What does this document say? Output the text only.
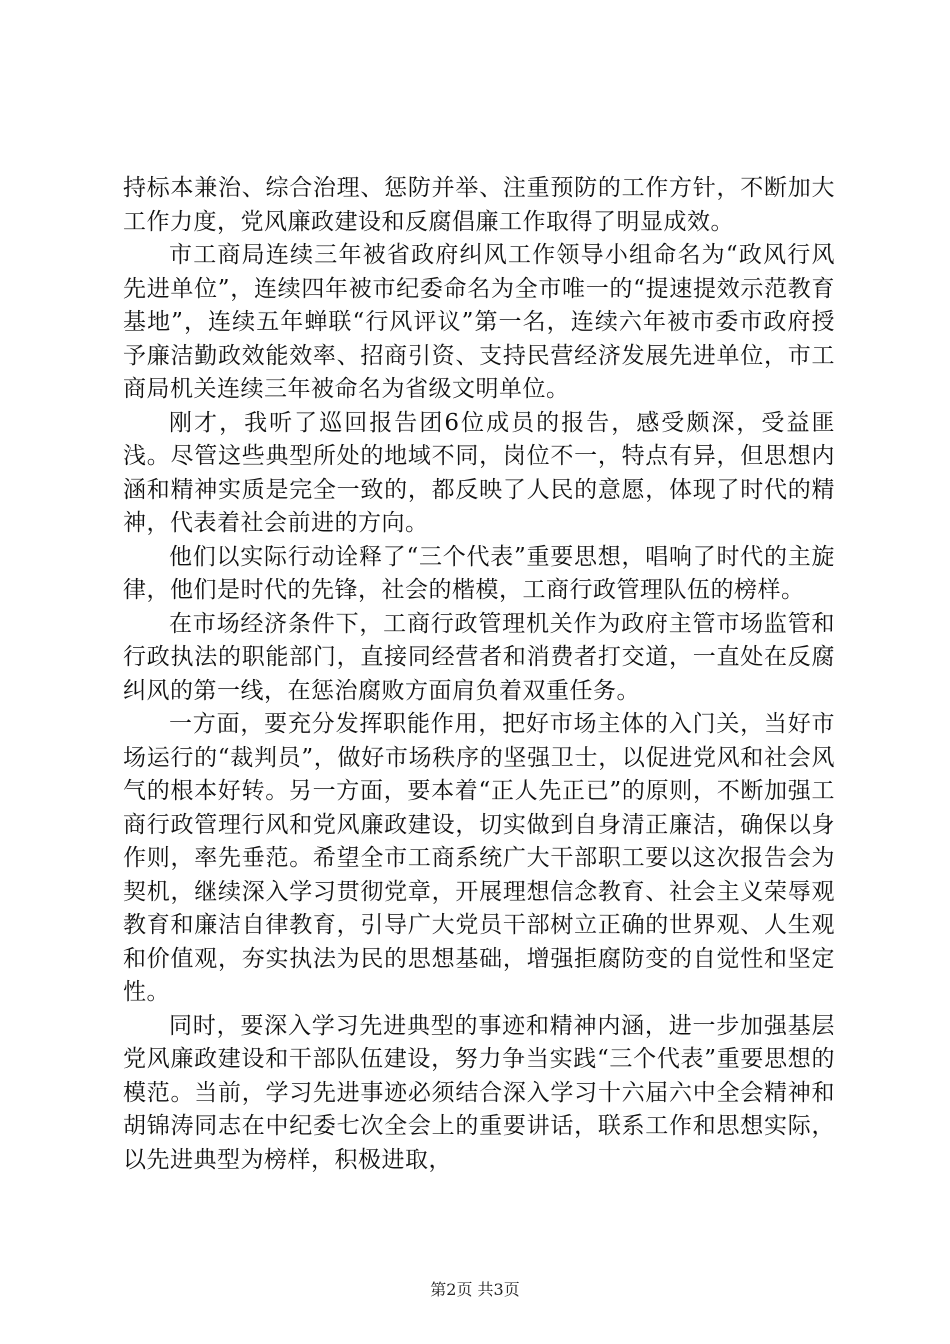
持标本兼治、综合治理、惩防并举、注重预防的工作方针，不断加大工作力度，党风廉政建设和反腐倡廉工作取得了明显成效。

市工商局连续三年被省政府纠风工作领导小组命名为“政风行风先进单位”，连续四年被市纪委命名为全市唯一的“提速提效示范教育基地”，连续五年蝉联“行风评议”第一名，连续六年被市委市政府授予廉洁勤政效能效率、招商引资、支持民营经济发展先进单位，市工商局机关连续三年被命名为省级文明单位。

刚才，我听了巡回报告团6位成员的报告，感受颇深，受益匪浅。尽管这些典型所处的地域不同，岗位不一，特点有异，但思想内涵和精神实质是完全一致的，都反映了人民的意愿，体现了时代的精神，代表着社会前进的方向。

他们以实际行动诠释了“三个代表”重要思想，唱响了时代的主旋律，他们是时代的先锋，社会的楷模，工商行政管理队伍的榜样。

在市场经济条件下，工商行政管理机关作为政府主管市场监管和行政执法的职能部门，直接同经营者和消费者打交道，一直处在反腐纠风的第一线，在惩治腐败方面肩负着双重任务。

一方面，要充分发挥职能作用，把好市场主体的入门关，当好市场运行的“裁判员”，做好市场秩序的坚强卫士，以促进党风和社会风气的根本好转。另一方面，要本着“正人先正已”的原则，不断加强工商行政管理行风和党风廉政建设，切实做到自身清正廉洁，确保以身作则，率先垂范。希望全市工商系统广大干部职工要以这次报告会为契机，继续深入学习贯彻党章，开展理想信念教育、社会主义荣辱观教育和廉洁自律教育，引导广大党员干部树立正确的世界观、人生观和价值观，夯实执法为民的思想基础，增强拒腐防变的自觉性和坚定性。

同时，要深入学习先进典型的事迹和精神内涵，进一步加强基层党风廉政建设和干部队伍建设，努力争当实践“三个代表”重要思想的模范。当前，学习先进事迹必须结合深入学习十六届六中全会精神和胡锦涛同志在中纪委七次全会上的重要讲话，联系工作和思想实际，以先进典型为榜样，积极进取，

第2页 共3页
